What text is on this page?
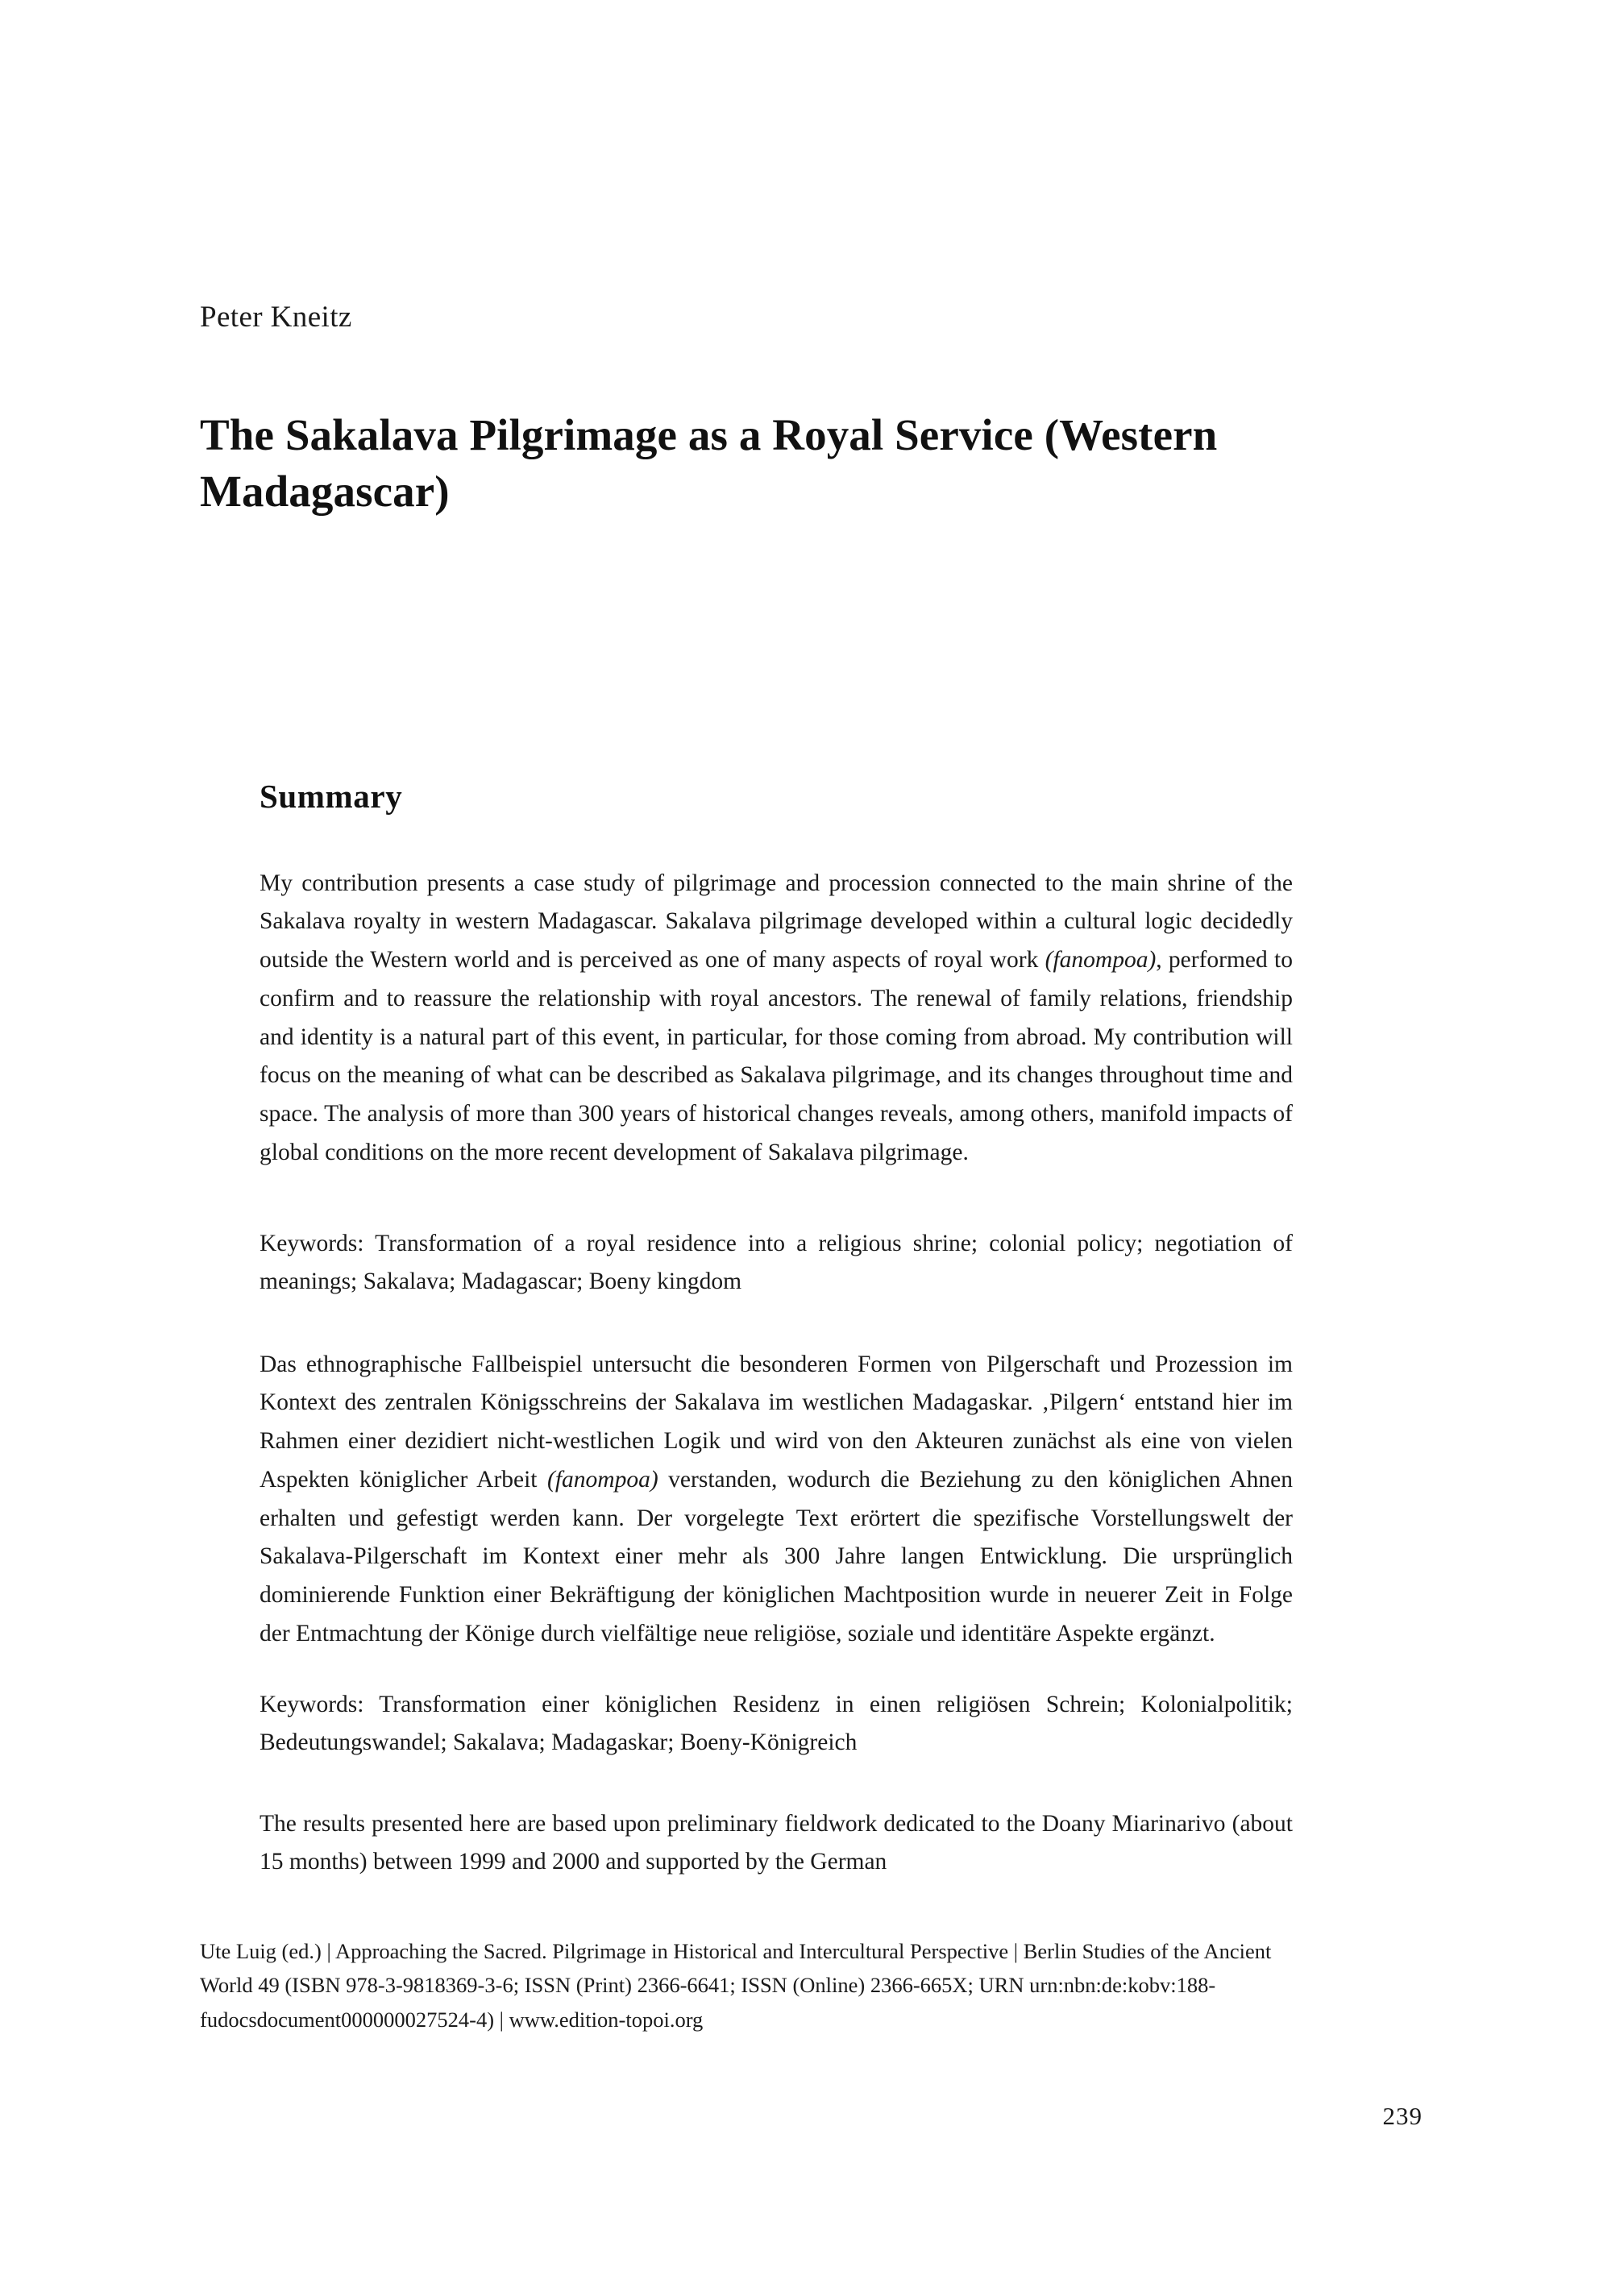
Peter Kneitz
The Sakalava Pilgrimage as a Royal Service (Western Madagascar)
Summary

My contribution presents a case study of pilgrimage and procession connected to the main shrine of the Sakalava royalty in western Madagascar. Sakalava pilgrimage developed within a cultural logic decidedly outside the Western world and is perceived as one of many aspects of royal work (fanompoa), performed to confirm and to reassure the relationship with royal ancestors. The renewal of family relations, friendship and identity is a natural part of this event, in particular, for those coming from abroad. My contribution will focus on the meaning of what can be described as Sakalava pilgrimage, and its changes throughout time and space. The analysis of more than 300 years of historical changes reveals, among others, manifold impacts of global conditions on the more recent development of Sakalava pilgrimage.

Keywords: Transformation of a royal residence into a religious shrine; colonial policy; negotiation of meanings; Sakalava; Madagascar; Boeny kingdom

Das ethnographische Fallbeispiel untersucht die besonderen Formen von Pilgerschaft und Prozession im Kontext des zentralen Königsschreins der Sakalava im westlichen Madagaskar. ‚Pilgern‘ entstand hier im Rahmen einer dezidiert nicht-westlichen Logik und wird von den Akteuren zunächst als eine von vielen Aspekten königlicher Arbeit (fanompoa) verstanden, wodurch die Beziehung zu den königlichen Ahnen erhalten und gefestigt werden kann. Der vorgelegte Text erörtert die spezifische Vorstellungswelt der Sakalava-Pilgerschaft im Kontext einer mehr als 300 Jahre langen Entwicklung. Die ursprünglich dominierende Funktion einer Bekräftigung der königlichen Machtposition wurde in neuerer Zeit in Folge der Entmachtung der Könige durch vielfältige neue religiöse, soziale und identitäre Aspekte ergänzt.

Keywords: Transformation einer königlichen Residenz in einen religiösen Schrein; Kolonialpolitik; Bedeutungswandel; Sakalava; Madagaskar; Boeny-Königreich

The results presented here are based upon preliminary fieldwork dedicated to the Doany Miarinarivo (about 15 months) between 1999 and 2000 and supported by the German

Ute Luig (ed.) | Approaching the Sacred. Pilgrimage in Historical and Intercultural Perspective | Berlin Studies of the Ancient World 49 (ISBN 978-3-9818369-3-6; ISSN (Print) 2366-6641; ISSN (Online) 2366-665X; URN urn:nbn:de:kobv:188-fudocsdocument000000027524-4) | www.edition-topoi.org
239
